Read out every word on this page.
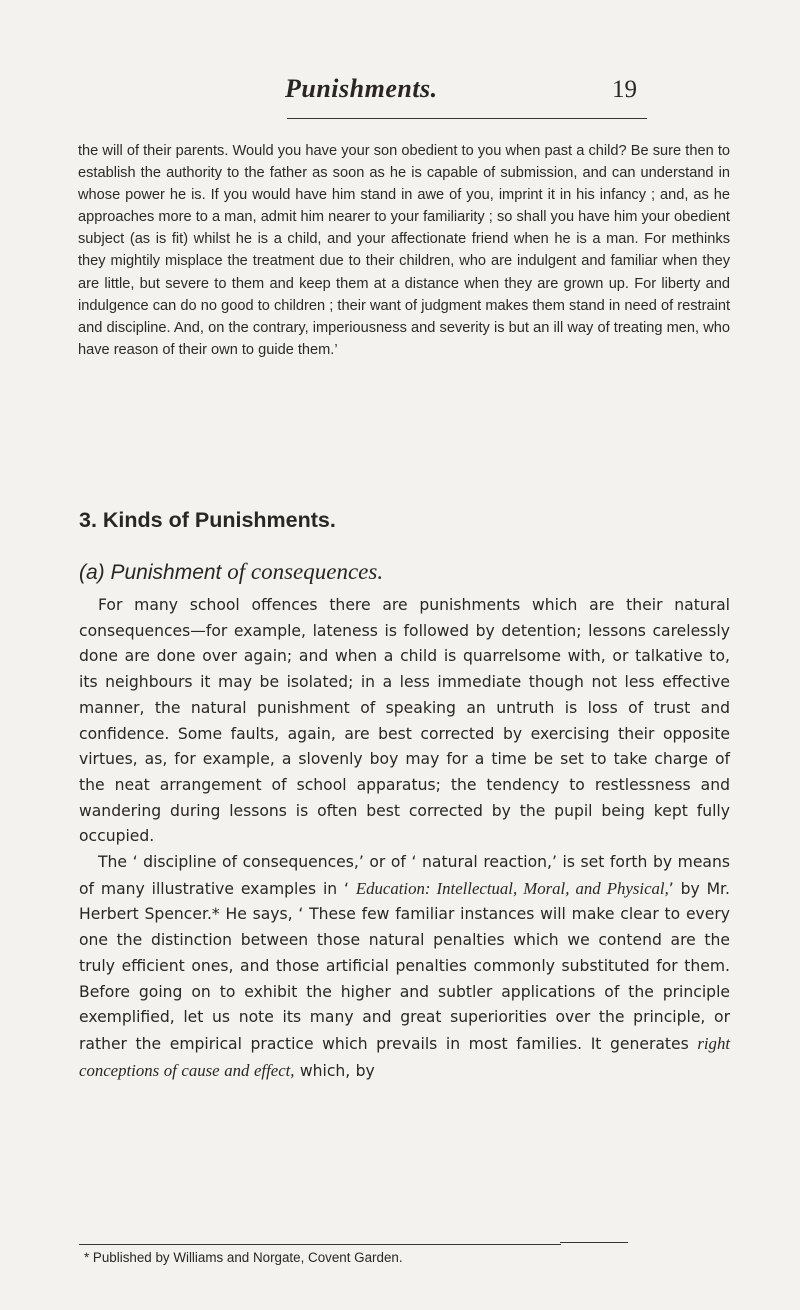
Punishments.	19

the will of their parents. Would you have your son obedient to you when past a child? Be sure then to establish the authority to the father as soon as he is capable of submission, and can understand in whose power he is. If you would have him stand in awe of you, imprint it in his infancy ; and, as he approaches more to a man, admit him nearer to your familiarity ; so shall you have him your obedient subject (as is fit) whilst he is a child, and your affectionate friend when he is a man. For methinks they mightily misplace the treatment due to their children, who are indulgent and familiar when they are little, but severe to them and keep them at a distance when they are grown up. For liberty and indulgence can do no good to children ; their want of judgment makes them stand in need of restraint and discipline. And, on the contrary, imperiousness and severity is but an ill way of treating men, who have reason of their own to guide them.’

3. Kinds of Punishments.
(a) Punishment of consequences.

For many school offences there are punishments which are their natural consequences—for example, lateness is followed by detention; lessons carelessly done are done over again; and when a child is quarrelsome with, or talkative to, its neighbours it may be isolated; in a less immediate though not less effective manner, the natural punishment of speaking an untruth is loss of trust and confidence. Some faults, again, are best corrected by exercising their opposite virtues, as, for example, a slovenly boy may for a time be set to take charge of the neat arrangement of school apparatus; the tendency to restlessness and wandering during lessons is often best corrected by the pupil being kept fully occupied.

The ‘ discipline of consequences,’ or of ‘ natural reaction,’ is set forth by means of many illustrative examples in ‘ Education: Intellectual, Moral, and Physical,’ by Mr. Herbert Spencer.* He says, ‘ These few familiar instances will make clear to every one the distinction between those natural penalties which we contend are the truly efficient ones, and those artificial penalties commonly substituted for them. Before going on to exhibit the higher and subtler applications of the principle exemplified, let us note its many and great superiorities over the principle, or rather the empirical practice which prevails in most families. It generates right conceptions of cause and effect, which, by

* Published by Williams and Norgate, Covent Garden.
